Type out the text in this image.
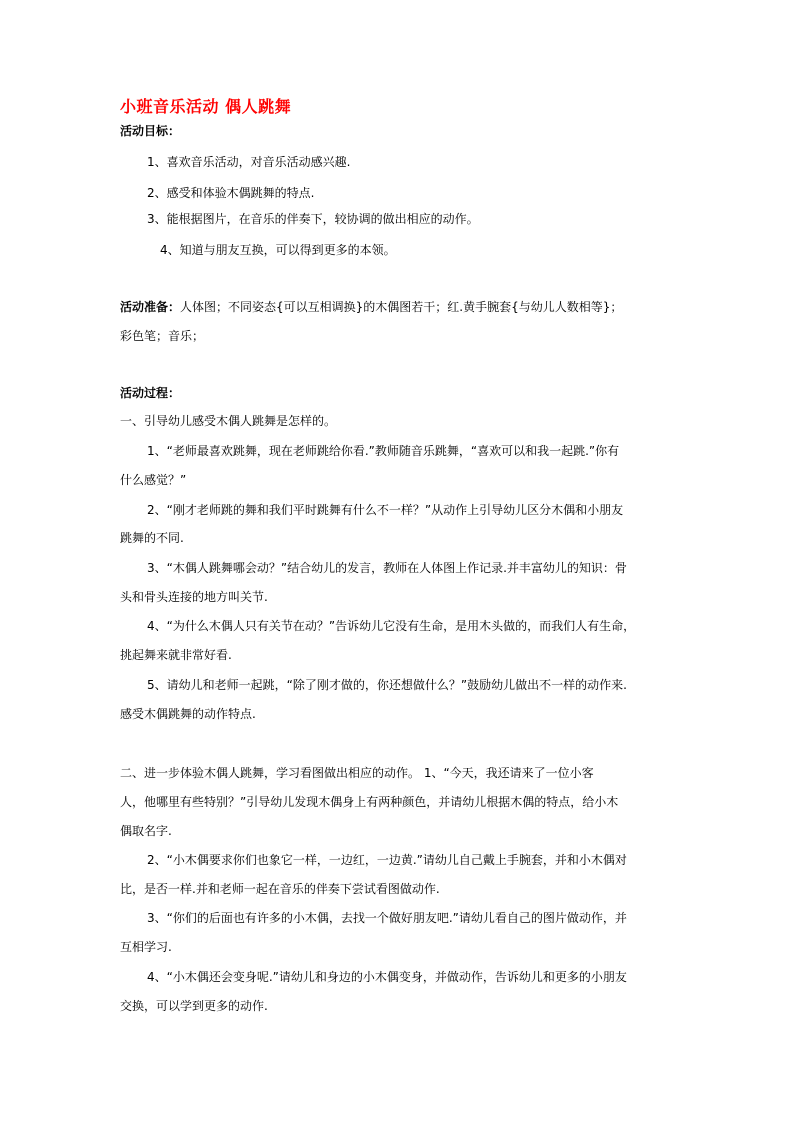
小班音乐活动 偶人跳舞
活动目标：
1、喜欢音乐活动，对音乐活动感兴趣.
2、感受和体验木偶跳舞的特点.
3、能根据图片，在音乐的伴奏下，较协调的做出相应的动作。
4、知道与朋友互换，可以得到更多的本领。
活动准备：人体图；不同姿态{可以互相调换}的木偶图若干；红.黄手腕套{与幼儿人数相等}；
彩色笔；音乐；
活动过程：
一、引导幼儿感受木偶人跳舞是怎样的。
1、“老师最喜欢跳舞，现在老师跳给你看.”教师随音乐跳舞，“喜欢可以和我一起跳.”你有
什么感觉？”
2、“刚才老师跳的舞和我们平时跳舞有什么不一样？”从动作上引导幼儿区分木偶和小朋友
跳舞的不同.
3、“木偶人跳舞哪会动？”结合幼儿的发言，教师在人体图上作记录.并丰富幼儿的知识：骨
头和骨头连接的地方叫关节.
4、“为什么木偶人只有关节在动？”告诉幼儿它没有生命，是用木头做的，而我们人有生命，
挑起舞来就非常好看.
5、请幼儿和老师一起跳，“除了刚才做的，你还想做什么？”鼓励幼儿做出不一样的动作来.
感受木偶跳舞的动作特点.
二、进一步体验木偶人跳舞，学习看图做出相应的动作。 1、“今天，我还请来了一位小客
人，他哪里有些特别？”引导幼儿发现木偶身上有两种颜色，并请幼儿根据木偶的特点，给小木
偶取名字.
2、“小木偶要求你们也象它一样，一边红，一边黄.”请幼儿自己戴上手腕套，并和小木偶对
比，是否一样.并和老师一起在音乐的伴奏下尝试看图做动作.
3、“你们的后面也有许多的小木偶，去找一个做好朋友吧.”请幼儿看自己的图片做动作，并
互相学习.
4、“小木偶还会变身呢.”请幼儿和身边的小木偶变身，并做动作，告诉幼儿和更多的小朋友
交换，可以学到更多的动作.
